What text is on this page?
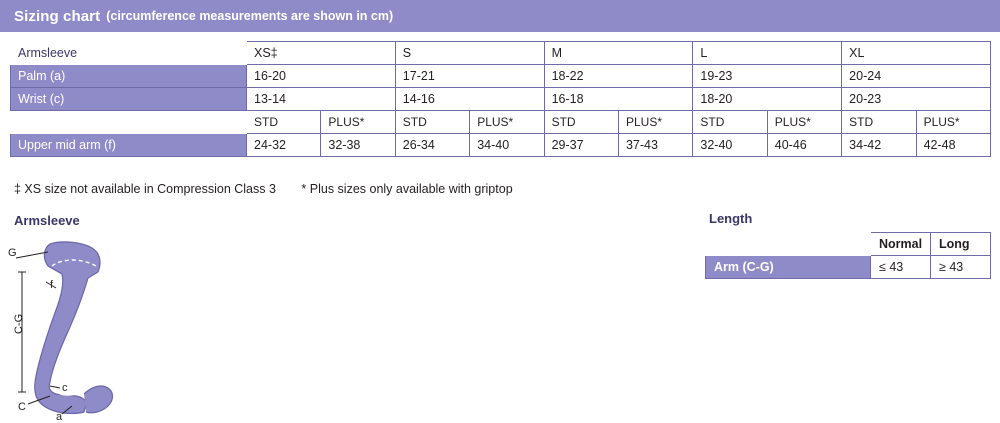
Sizing chart (circumference measurements are shown in cm)
Armsleeve	XS‡		S		M		L		XL	
Palm (a)	16-20		17-21		18-22		19-23		20-24	
Wrist (c)	13-14		14-16		16-18		18-20		20-23	
	STD	PLUS*	STD	PLUS*	STD	PLUS*	STD	PLUS*	STD	PLUS*
Upper mid arm (f)	24-32	32-38	26-34	34-40	29-37	37-43	32-40	40-46	34-42	42-48
‡ XS size not available in Compression Class 3 * Plus sizes only available with griptop
Armsleeve	Length
	Normal	Long
Arm (C-G)	≤ 43	≥ 43
G
f
C-G
c
C
a
